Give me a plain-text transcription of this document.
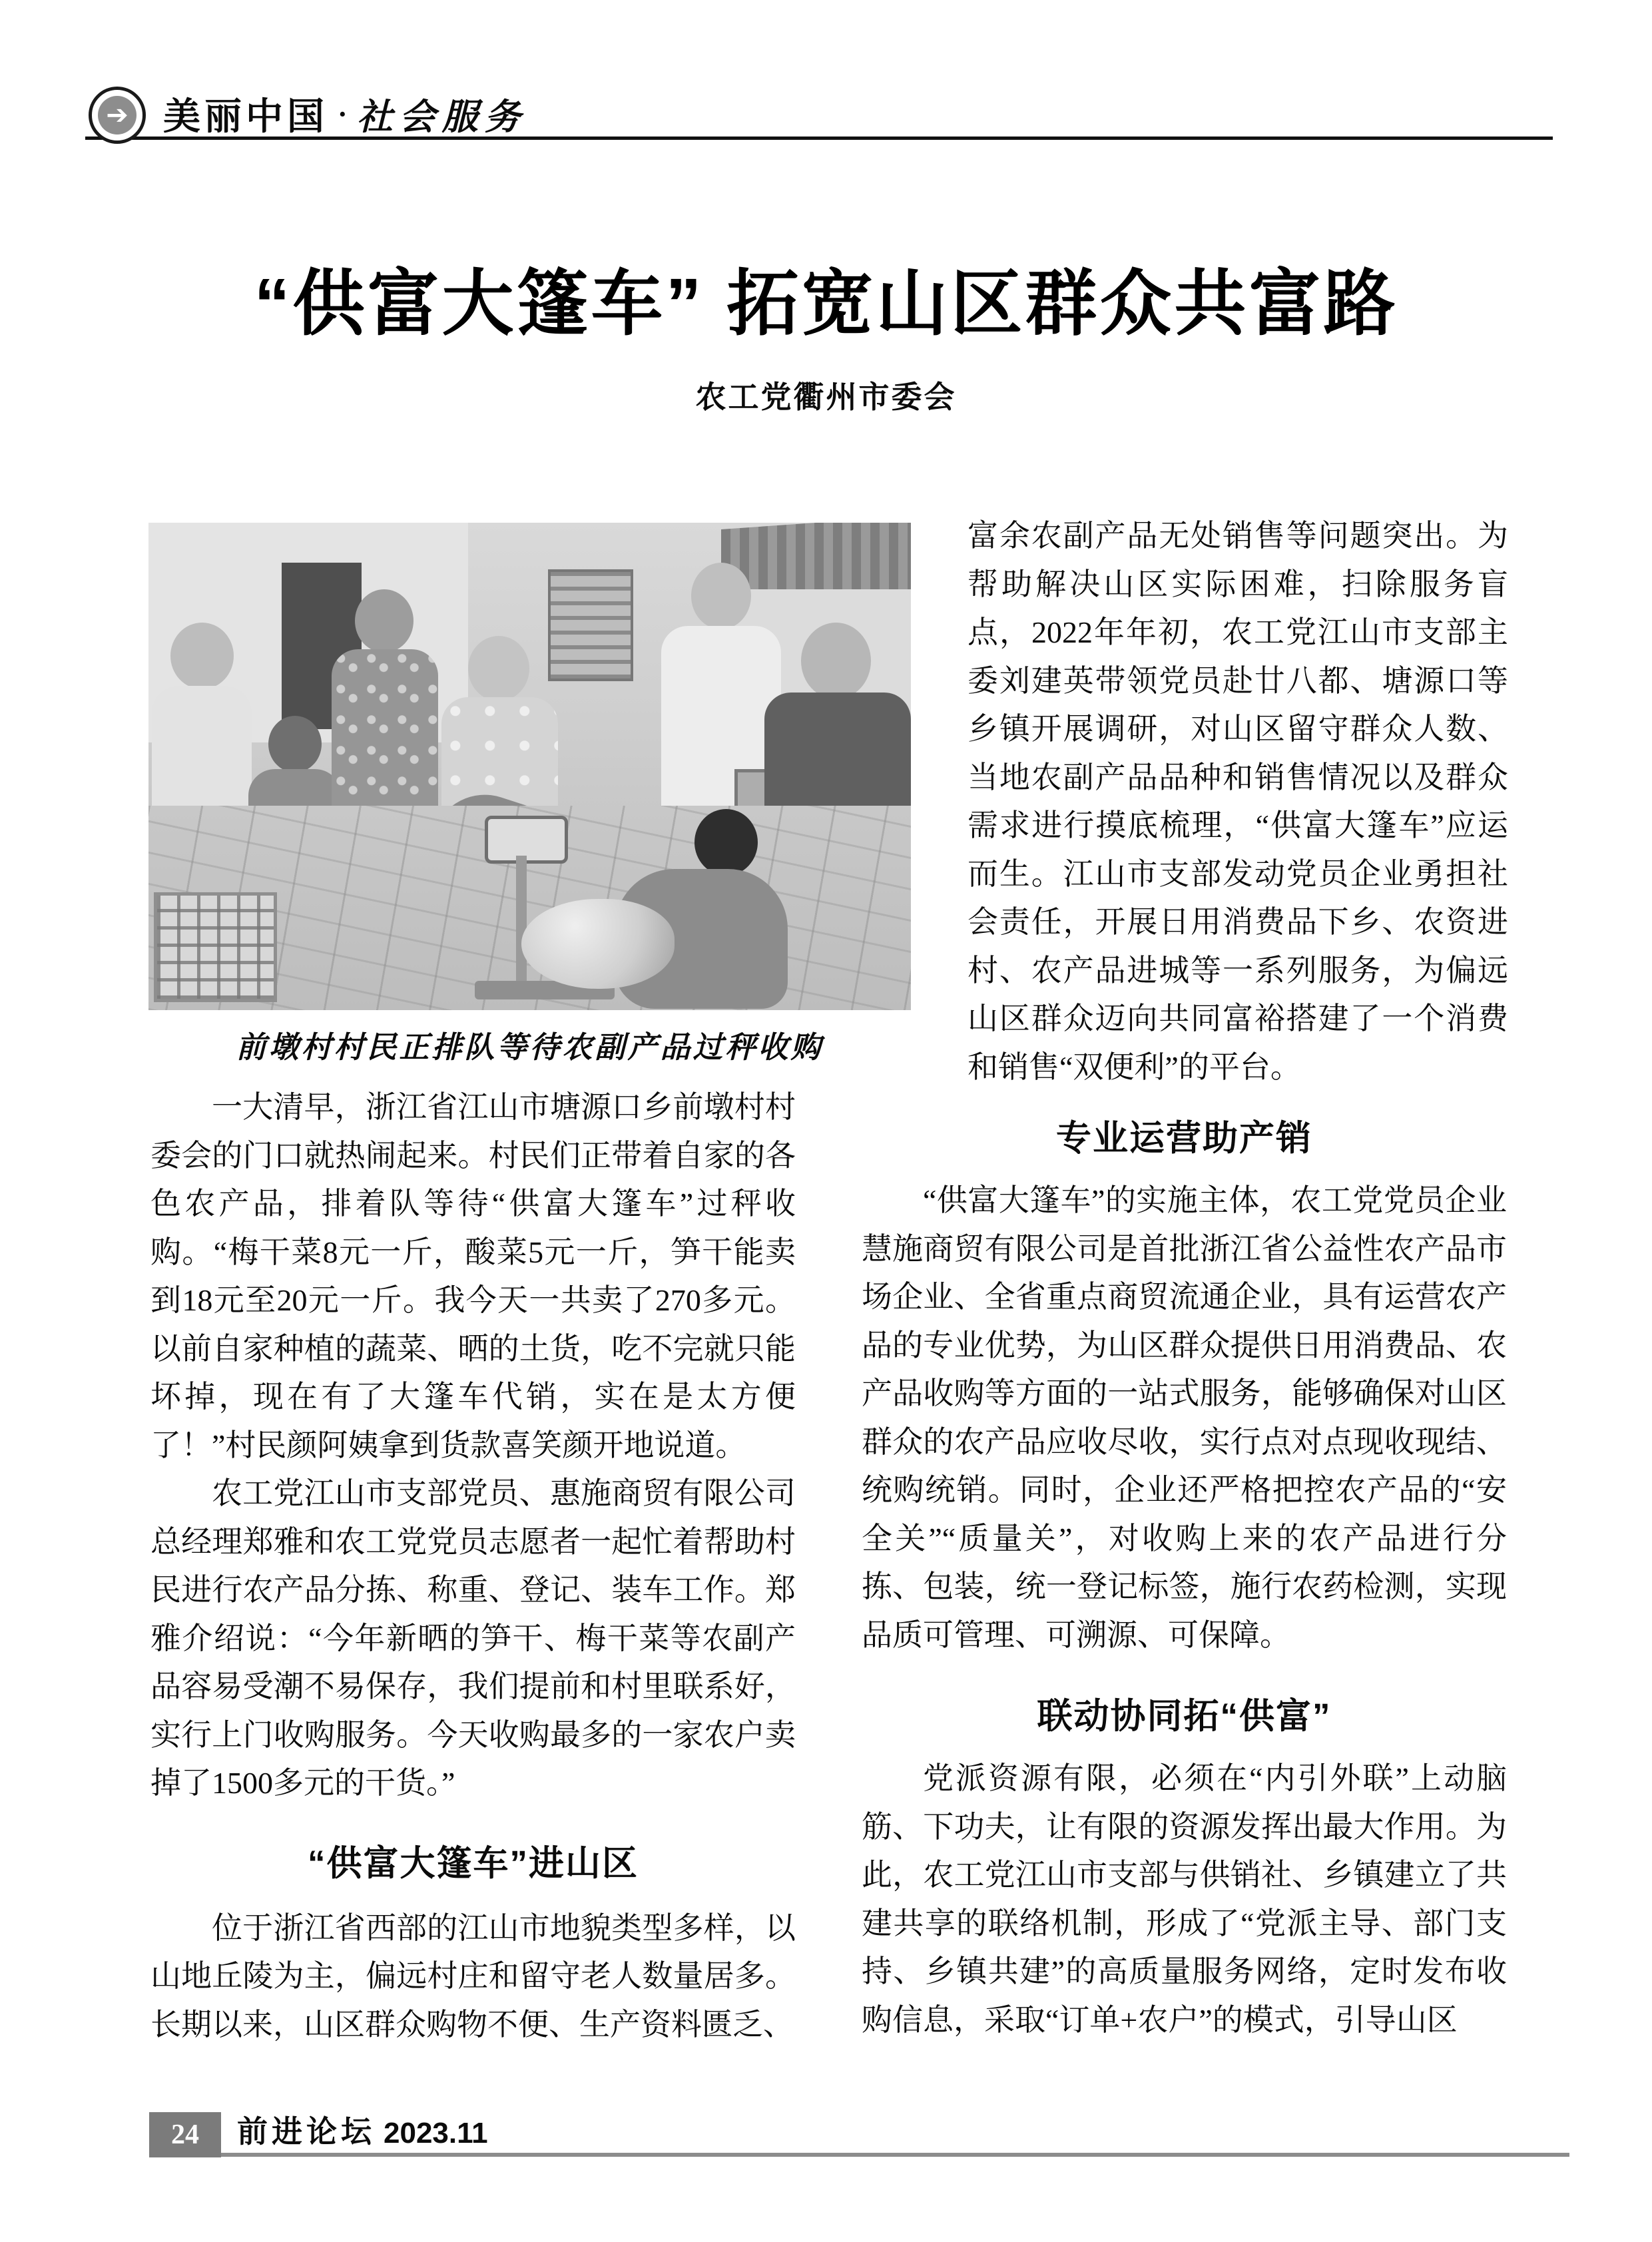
➔ 美丽中国 · 社会服务
“供富大篷车” 拓宽山区群众共富路
农工党衢州市委会
前墩村村民正排队等待农副产品过秤收购

一大清早，浙江省江山市塘源口乡前墩村村委会的门口就热闹起来。村民们正带着自家的各色农产品，排着队等待“供富大篷车”过秤收购。“梅干菜8元一斤，酸菜5元一斤，笋干能卖到18元至20元一斤。我今天一共卖了270多元。以前自家种植的蔬菜、晒的土货，吃不完就只能坏掉，现在有了大篷车代销，实在是太方便了！”村民颜阿姨拿到货款喜笑颜开地说道。

农工党江山市支部党员、惠施商贸有限公司总经理郑雅和农工党党员志愿者一起忙着帮助村民进行农产品分拣、称重、登记、装车工作。郑雅介绍说：“今年新晒的笋干、梅干菜等农副产品容易受潮不易保存，我们提前和村里联系好，实行上门收购服务。今天收购最多的一家农户卖掉了1500多元的干货。”

“供富大篷车”进山区

位于浙江省西部的江山市地貌类型多样，以山地丘陵为主，偏远村庄和留守老人数量居多。长期以来，山区群众购物不便、生产资料匮乏、

富余农副产品无处销售等问题突出。为帮助解决山区实际困难，扫除服务盲点，2022年年初，农工党江山市支部主委刘建英带领党员赴廿八都、塘源口等乡镇开展调研，对山区留守群众人数、当地农副产品品种和销售情况以及群众需求进行摸底梳理，“供富大篷车”应运而生。江山市支部发动党员企业勇担社会责任，开展日用消费品下乡、农资进村、农产品进城等一系列服务，为偏远山区群众迈向共同富裕搭建了一个消费和销售“双便利”的平台。

专业运营助产销

“供富大篷车”的实施主体，农工党党员企业慧施商贸有限公司是首批浙江省公益性农产品市场企业、全省重点商贸流通企业，具有运营农产品的专业优势，为山区群众提供日用消费品、农产品收购等方面的一站式服务，能够确保对山区群众的农产品应收尽收，实行点对点现收现结、统购统销。同时，企业还严格把控农产品的“安全关”“质量关”，对收购上来的农产品进行分拣、包装，统一登记标签，施行农药检测，实现品质可管理、可溯源、可保障。

联动协同拓“供富”

党派资源有限，必须在“内引外联”上动脑筋、下功夫，让有限的资源发挥出最大作用。为此，农工党江山市支部与供销社、乡镇建立了共建共享的联络机制，形成了“党派主导、部门支持、乡镇共建”的高质量服务网络，定时发布收购信息，采取“订单+农户”的模式，引导山区

24 前进论坛 2023.11
